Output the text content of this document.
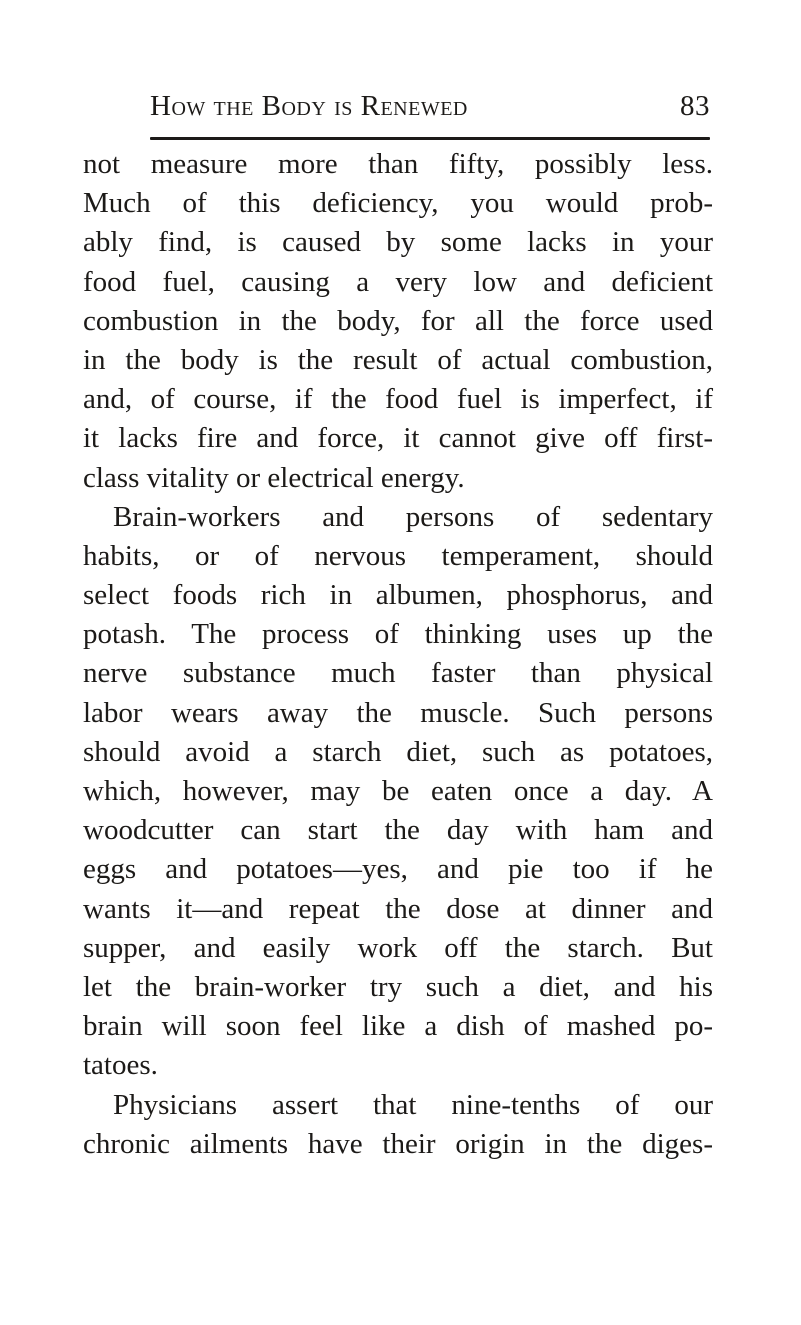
How the Body is Renewed	83
not measure more than fifty, possibly less.
Much of this deficiency, you would prob-
ably find, is caused by some lacks in your
food fuel, causing a very low and deficient
combustion in the body, for all the force used
in the body is the result of actual combustion,
and, of course, if the food fuel is imperfect, if
it lacks fire and force, it cannot give off first-
class vitality or electrical energy.
Brain-workers and persons of sedentary
habits, or of nervous temperament, should
select foods rich in albumen, phosphorus, and
potash. The process of thinking uses up the
nerve substance much faster than physical
labor wears away the muscle. Such persons
should avoid a starch diet, such as potatoes,
which, however, may be eaten once a day. A
woodcutter can start the day with ham and
eggs and potatoes—yes, and pie too if he
wants it—and repeat the dose at dinner and
supper, and easily work off the starch. But
let the brain-worker try such a diet, and his
brain will soon feel like a dish of mashed po-
tatoes.
Physicians assert that nine-tenths of our
chronic ailments have their origin in the diges-
